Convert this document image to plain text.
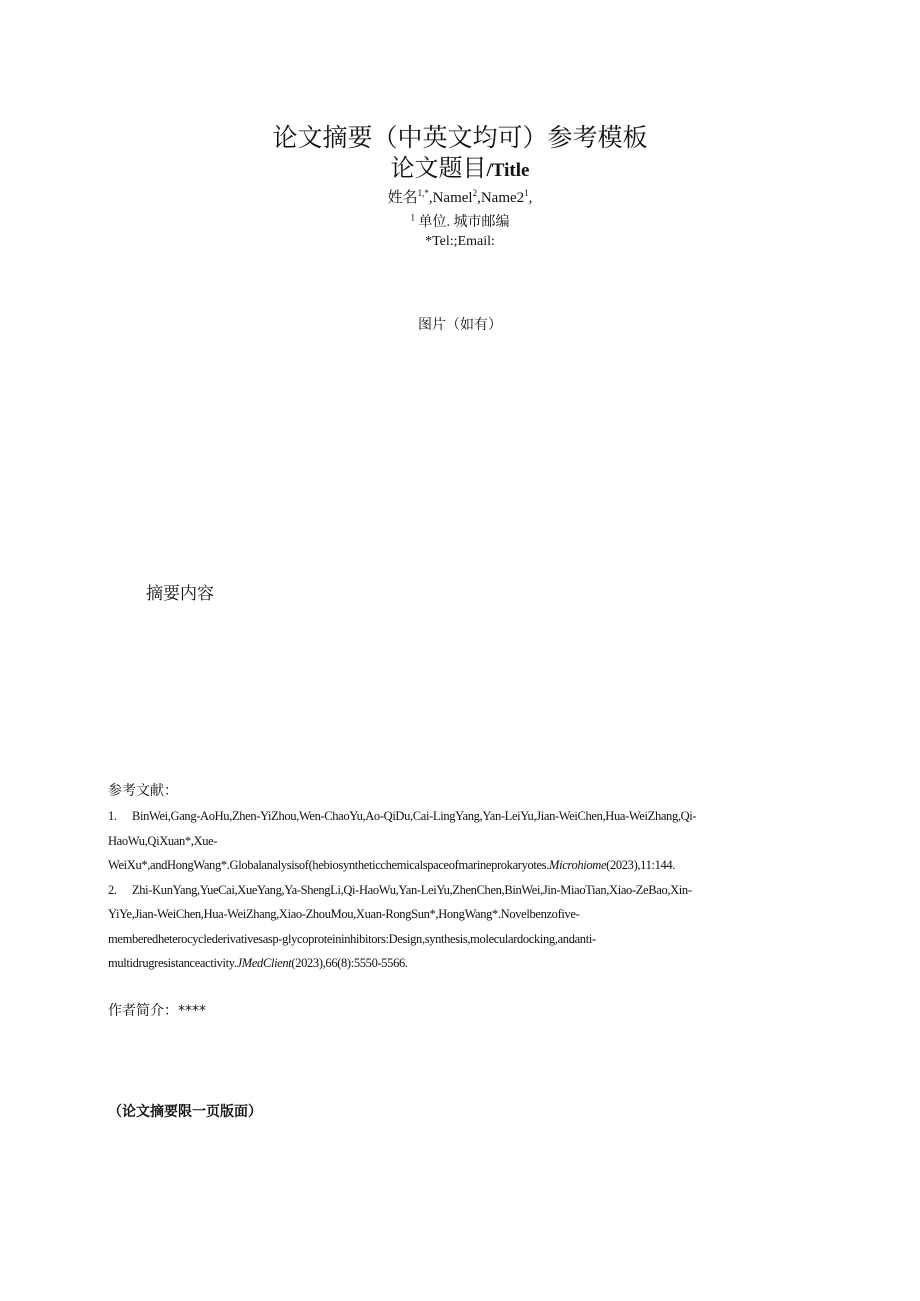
论文摘要（中英文均可）参考模板
论文题目/Title
姓名$^{1,*},Namel^2,Name2^1$,
$^1$ 单位. 城市邮编
*Tel:;Email:
图片（如有）
摘要内容
参考文献：
1. BinWei,Gang-AoHu,Zhen-YiZhou,Wen-ChaoYu,Ao-QiDu,Cai-LingYang,Yan-LeiYu,Jian-WeiChen,Hua-WeiZhang,Qi-
HaoWu,QiXuan*,Xue-
WeiXu*,andHongWang*.Globalanalysisof(hebiosyntheticchemicalspaceofmarineprokaryotes.Microhiome(2023),11:144.
2. Zhi-KunYang,YueCai,XueYang,Ya-ShengLi,Qi-HaoWu,Yan-LeiYu,ZhenChen,BinWei,Jin-MiaoTian,Xiao-ZeBao,Xin-
YiYe,Jian-WeiChen,Hua-WeiZhang,Xiao-ZhouMou,Xuan-RongSun*,HongWang*.Novelbenzofive-
memberedheterocyclederivativesasp-glycoproteininhibitors:Design,synthesis,moleculardocking,andanti-
multidrugresistanceactivity.JMedClient(2023),66(8):5550-5566.
作者简介：****
（论文摘要限一页版面）
